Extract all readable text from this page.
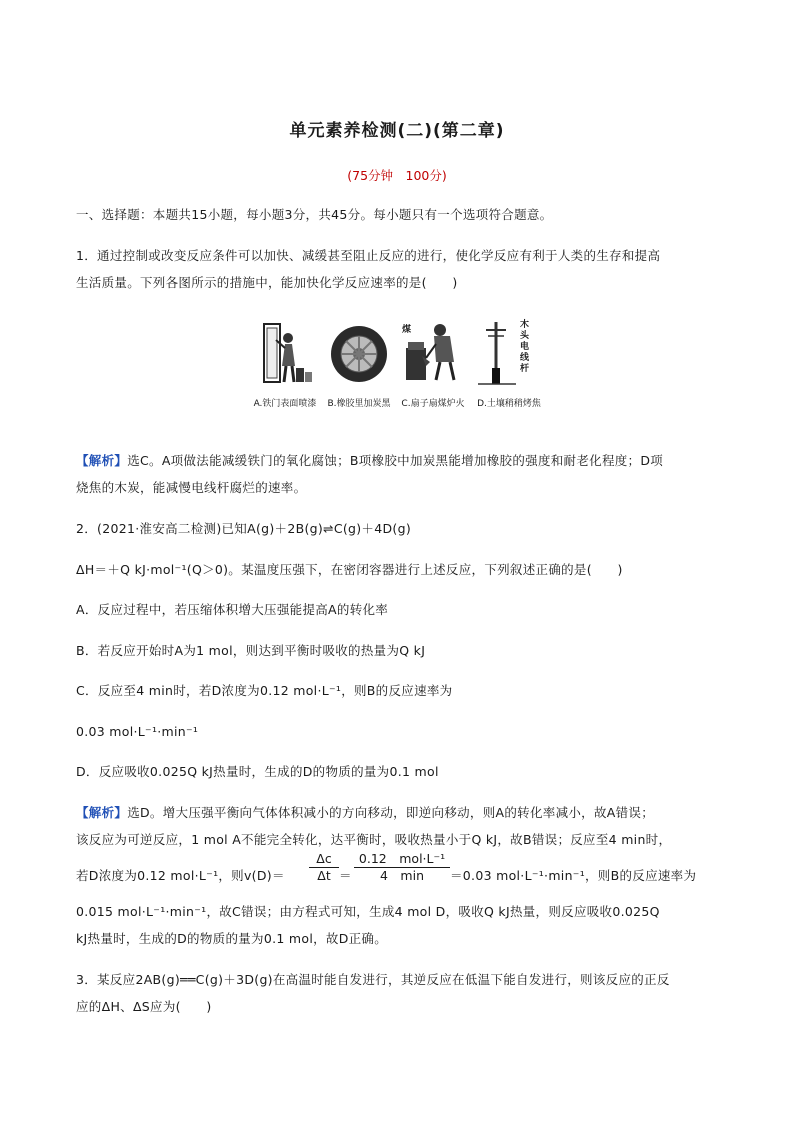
单元素养检测(二)(第二章)
(75分钟　100分)
一、选择题：本题共15小题，每小题3分，共45分。每小题只有一个选项符合题意。
1．通过控制或改变反应条件可以加快、减缓甚至阻止反应的进行，使化学反应有利于人类的生存和提高
生活质量。下列各图所示的措施中，能加快化学反应速率的是(　　)
A.铁门表面喷漆 B.橡胶里加炭黑
煤
C.扇子扇煤炉火
木头电线杆
D.土壤稍稍烤焦
【解析】选C。A项做法能减缓铁门的氧化腐蚀；B项橡胶中加炭黑能增加橡胶的强度和耐老化程度；D项
烧焦的木炭，能减慢电线杆腐烂的速率。
2．(2021·淮安高二检测)已知A(g)＋2B(g)⇌C(g)＋4D(g)
ΔH＝＋Q kJ·mol⁻¹(Q＞0)。某温度压强下，在密闭容器进行上述反应，下列叙述正确的是(　　)
A．反应过程中，若压缩体积增大压强能提高A的转化率
B．若反应开始时A为1 mol，则达到平衡时吸收的热量为Q kJ
C．反应至4 min时，若D浓度为0.12 mol·L⁻¹，则B的反应速率为
0.03 mol·L⁻¹·min⁻¹
D．反应吸收0.025Q kJ热量时，生成的D的物质的量为0.1 mol
【解析】选D。增大压强平衡向气体体积减小的方向移动，即逆向移动，则A的转化率减小，故A错误；
该反应为可逆反应，1 mol A不能完全转化，达平衡时，吸收热量小于Q kJ，故B错误；反应至4 min时，
若D浓度为0.12 mol·L⁻¹，则$v(D)= \frac{\Delta c}{\Delta t}$ ＝
0.12　mol·L⁻¹
4　min	＝0.03 mol·L⁻¹·min⁻¹，则B的反应速率为
0.015 mol·L⁻¹·min⁻¹，故C错误；由方程式可知，生成4 mol D，吸收Q kJ热量，则反应吸收0.025Q
kJ热量时，生成的D的物质的量为0.1 mol，故D正确。
3．某反应2AB(g)══C(g)＋3D(g)在高温时能自发进行，其逆反应在低温下能自发进行，则该反应的正反
应的ΔH、ΔS应为(　　)
